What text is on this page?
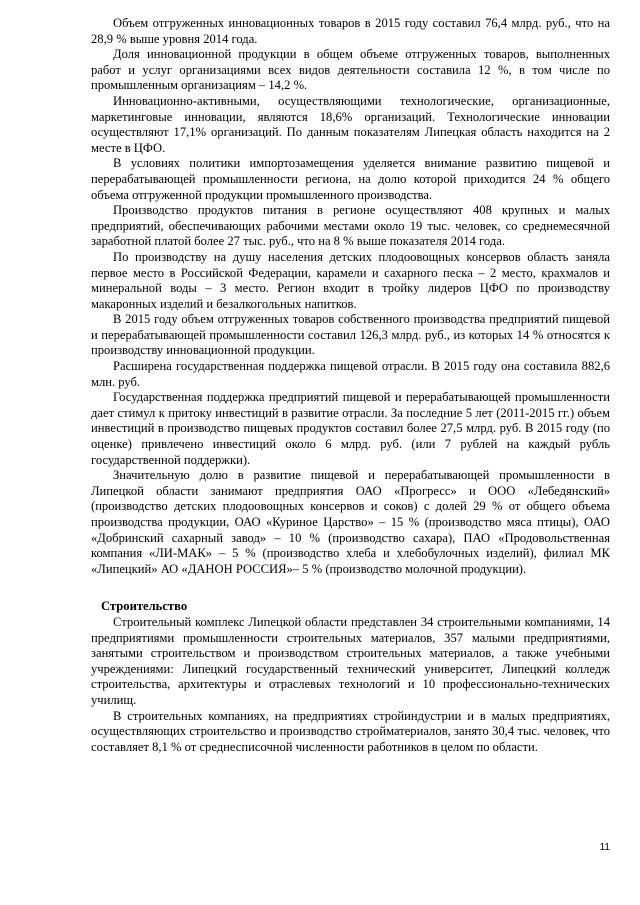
Объем отгруженных инновационных товаров в 2015 году составил 76,4 млрд. руб., что на 28,9 % выше уровня 2014 года.

Доля инновационной продукции в общем объеме отгруженных товаров, выполненных работ и услуг организациями всех видов деятельности составила 12 %, в том числе по промышленным организациям – 14,2 %.

Инновационно-активными, осуществляющими технологические, организационные, маркетинговые инновации, являются 18,6% организаций. Технологические инновации осуществляют 17,1% организаций. По данным показателям Липецкая область находится на 2 месте в ЦФО.

В условиях политики импортозамещения уделяется внимание развитию пищевой и перерабатывающей промышленности региона, на долю которой приходится 24 % общего объема отгруженной продукции промышленного производства.

Производство продуктов питания в регионе осуществляют 408 крупных и малых предприятий, обеспечивающих рабочими местами около 19 тыс. человек, со среднемесячной заработной платой более 27 тыс. руб., что на 8 % выше показателя 2014 года.

По производству на душу населения детских плодоовощных консервов область заняла первое место в Российской Федерации, карамели и сахарного песка – 2 место, крахмалов и минеральной воды – 3 место. Регион входит в тройку лидеров ЦФО по производству макаронных изделий и безалкогольных напитков.

В 2015 году объем отгруженных товаров собственного производства предприятий пищевой и перерабатывающей промышленности составил 126,3 млрд. руб., из которых 14 % относятся к производству инновационной продукции.

Расширена государственная поддержка пищевой отрасли. В 2015 году она составила 882,6 млн. руб.

Государственная поддержка предприятий пищевой и перерабатывающей промышленности дает стимул к притоку инвестиций в развитие отрасли. За последние 5 лет (2011-2015 гг.) объем инвестиций в производство пищевых продуктов составил более 27,5 млрд. руб. В 2015 году (по оценке) привлечено инвестиций около 6 млрд. руб. (или 7 рублей на каждый рубль государственной поддержки).

Значительную долю в развитие пищевой и перерабатывающей промышленности в Липецкой области занимают предприятия ОАО «Прогресс» и ООО «Лебедянский» (производство детских плодоовощных консервов и соков) с долей 29 % от общего объема производства продукции, ОАО «Куриное Царство» – 15 % (производство мяса птицы), ОАО «Добринский сахарный завод» – 10 % (производство сахара), ПАО «Продовольственная компания «ЛИ-МАК» – 5 % (производство хлеба и хлебобулочных изделий), филиал МК «Липецкий» АО «ДАНОН РОССИЯ»– 5 % (производство молочной продукции).

Строительство

Строительный комплекс Липецкой области представлен 34 строительными компаниями, 14 предприятиями промышленности строительных материалов, 357 малыми предприятиями, занятыми строительством и производством строительных материалов, а также учебными учреждениями: Липецкий государственный технический университет, Липецкий колледж строительства, архитектуры и отраслевых технологий и 10 профессионально-технических училищ.

В строительных компаниях, на предприятиях стройиндустрии и в малых предприятиях, осуществляющих строительство и производство стройматериалов, занято 30,4 тыс. человек, что составляет 8,1 % от среднесписочной численности работников в целом по области.

11
